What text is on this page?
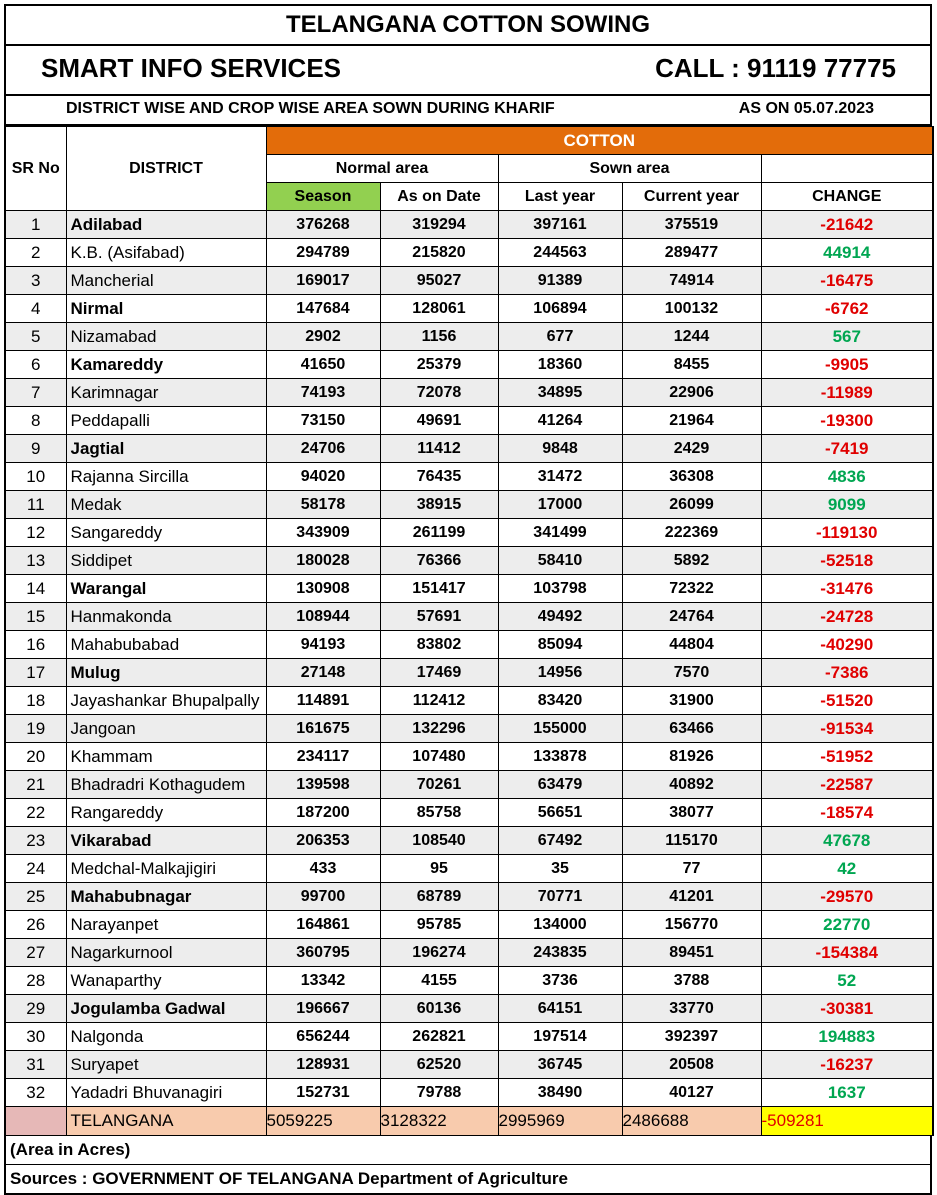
TELANGANA COTTON SOWING
SMART INFO SERVICES	CALL : 91119 77775
DISTRICT WISE AND CROP WISE AREA SOWN DURING KHARIF	AS ON 05.07.2023
SR No	DISTRICT	COTTON				
		Normal area		Sown area		
		Season	As on Date	Last year	Current year	CHANGE
1	Adilabad	376268	319294	397161	375519	-21642
2	K.B. (Asifabad)	294789	215820	244563	289477	44914
3	Mancherial	169017	95027	91389	74914	-16475
4	Nirmal	147684	128061	106894	100132	-6762
5	Nizamabad	2902	1156	677	1244	567
6	Kamareddy	41650	25379	18360	8455	-9905
7	Karimnagar	74193	72078	34895	22906	-11989
8	Peddapalli	73150	49691	41264	21964	-19300
9	Jagtial	24706	11412	9848	2429	-7419
10	Rajanna Sircilla	94020	76435	31472	36308	4836
11	Medak	58178	38915	17000	26099	9099
12	Sangareddy	343909	261199	341499	222369	-119130
13	Siddipet	180028	76366	58410	5892	-52518
14	Warangal	130908	151417	103798	72322	-31476
15	Hanmakonda	108944	57691	49492	24764	-24728
16	Mahabubabad	94193	83802	85094	44804	-40290
17	Mulug	27148	17469	14956	7570	-7386
18	Jayashankar Bhupalpally	114891	112412	83420	31900	-51520
19	Jangoan	161675	132296	155000	63466	-91534
20	Khammam	234117	107480	133878	81926	-51952
21	Bhadradri Kothagudem	139598	70261	63479	40892	-22587
22	Rangareddy	187200	85758	56651	38077	-18574
23	Vikarabad	206353	108540	67492	115170	47678
24	Medchal-Malkajigiri	433	95	35	77	42
25	Mahabubnagar	99700	68789	70771	41201	-29570
26	Narayanpet	164861	95785	134000	156770	22770
27	Nagarkurnool	360795	196274	243835	89451	-154384
28	Wanaparthy	13342	4155	3736	3788	52
29	Jogulamba Gadwal	196667	60136	64151	33770	-30381
30	Nalgonda	656244	262821	197514	392397	194883
31	Suryapet	128931	62520	36745	20508	-16237
32	Yadadri Bhuvanagiri	152731	79788	38490	40127	1637
	TELANGANA	5059225	3128322	2995969	2486688	-509281
(Area in Acres)
Sources : GOVERNMENT OF TELANGANA Department of Agriculture
